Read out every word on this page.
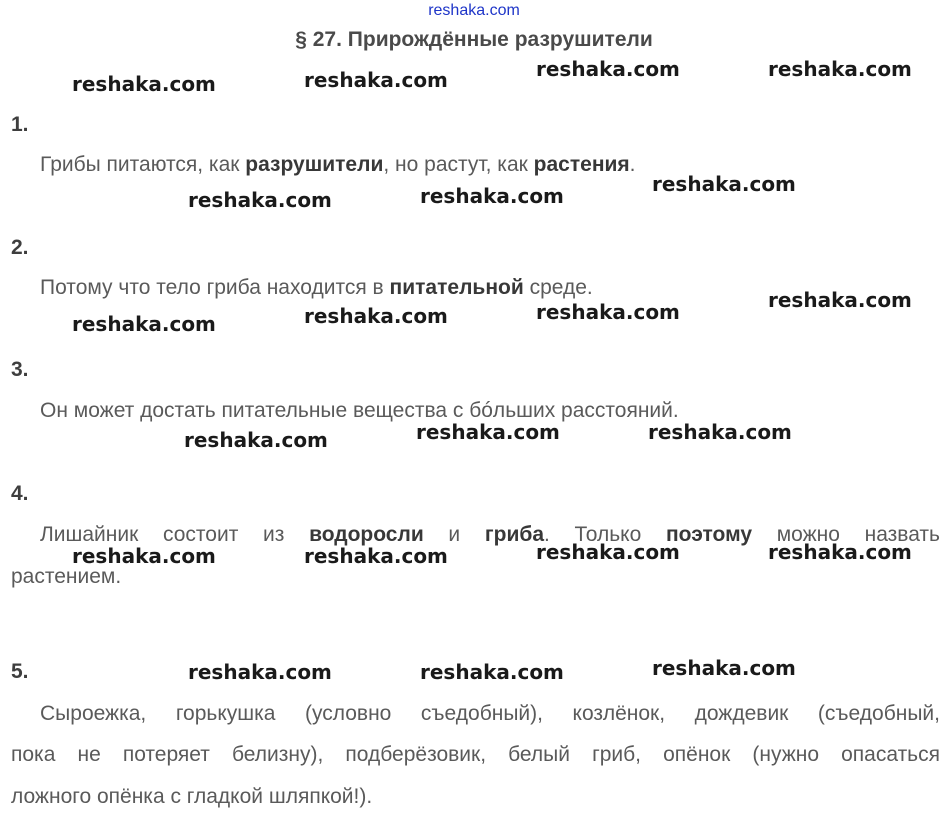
reshaka.com
§ 27. Прирождённые разрушители
1.
Грибы питаются, как разрушители, но растут, как растения.
2.
Потому что тело гриба находится в питательной среде.
3.
Он может достать питательные вещества с бóльших расстояний.
4.
Лишайник состоит из водоросли и гриба. Только поэтому можно назвать
растением.
5.
Сыроежка, горькушка (условно съедобный), козлёнок, дождевик (съедобный,
пока не потеряет белизну), подберёзовик, белый гриб, опёнок (нужно опасаться
ложного опёнка с гладкой шляпкой!).
reshaka.com	reshaka.com	reshaka.com	reshaka.com
reshaka.com	reshaka.com	reshaka.com
reshaka.com	reshaka.com	reshaka.com	reshaka.com
reshaka.com	reshaka.com	reshaka.com
reshaka.com	reshaka.com	reshaka.com	reshaka.com
reshaka.com	reshaka.com	reshaka.com
